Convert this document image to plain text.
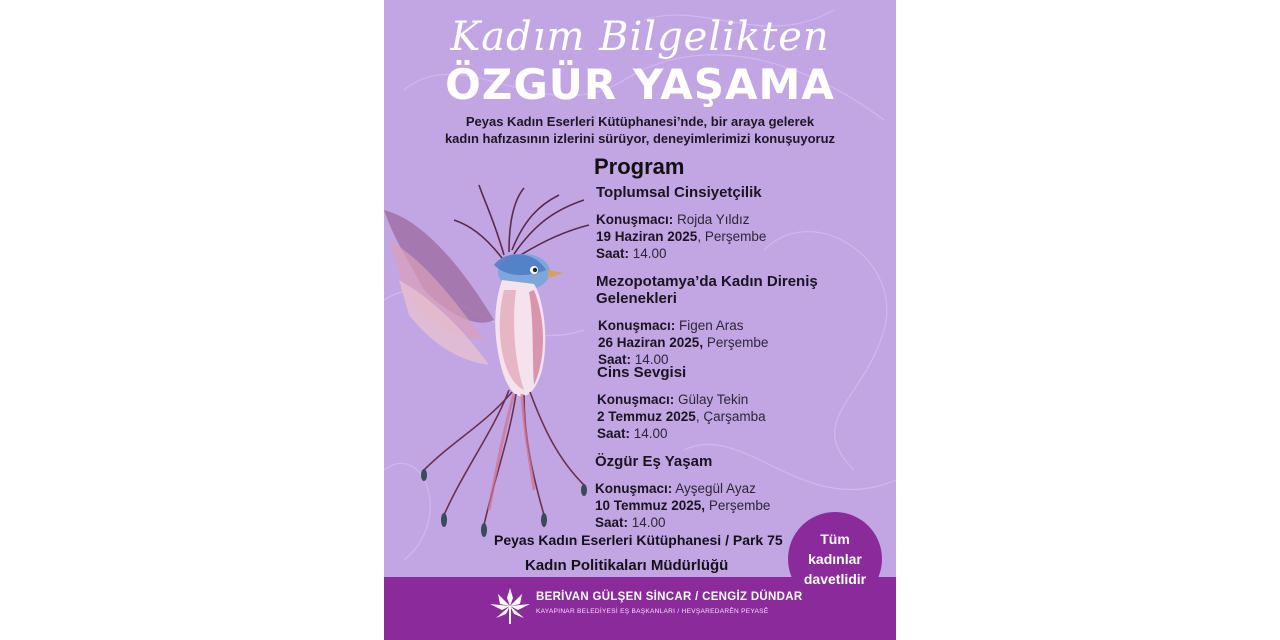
Kadım Bilgelikten
ÖZGÜR YAŞAMA
Peyas Kadın Eserleri Kütüphanesi’nde, bir araya gelerek
kadın hafızasının izlerini sürüyor, deneyimlerimizi konuşuyoruz
Program
Toplumsal Cinsiyetçilik
Konuşmacı: Rojda Yıldız
19 Haziran 2025, Perşembe
Saat: 14.00
Mezopotamya’da Kadın Direniş Gelenekleri
Konuşmacı: Figen Aras
26 Haziran 2025, Perşembe
Saat: 14.00
Cins Sevgisi
Konuşmacı: Gülay Tekin
2 Temmuz 2025, Çarşamba
Saat: 14.00
Özgür Eş Yaşam
Konuşmacı: Ayşegül Ayaz
10 Temmuz 2025, Perşembe
Saat: 14.00
Peyas Kadın Eserleri Kütüphanesi / Park 75
Kadın Politikaları Müdürlüğü
BERİVAN GÜLŞEN SİNCAR / CENGİZ DÜNDAR
KAYAPINAR BELEDİYESİ EŞ BAŞKANLARI / HEVŞAREDARÊN PEYASÊ
Tüm
kadınlar
davetlidir
